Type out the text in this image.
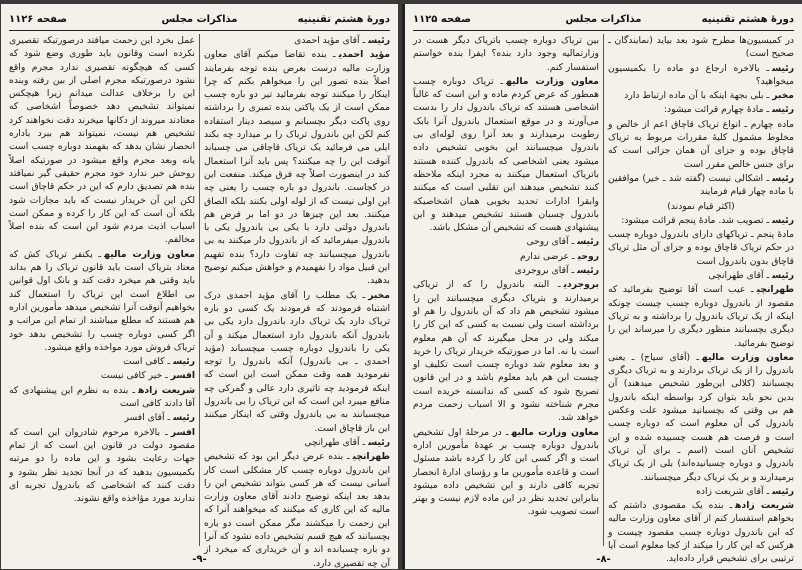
دورهٔ هشتم تقنینیه
مذاکرات مجلس
صفحه ۱۱۲۶
رئیسـ آقای مؤید احمدی
مؤید احمدیـ بنده تقاضا میکنم آقای معاون وزارت مالیه درست بعرض بنده توجه بفرمایند اصلاً بنده تصور این را میخواهم بکنم که چرا اینکار را میکنند توجه بفرمائید تیر دو باره چسب ممکن است از یک پاکتی بنده تمبری را برداشته روی پاکت دیگر بچسبانم و سیصد دینار استفاده کنم لکن این باندرول تریاک را بر میدارد چه بکند ایلی می فرمائید یک تریاک قاچاقی می چسباند آنوقت این را چه میکنند؟ پس باید آنرا استعمال کند در اینصورت اصلاً چه فرق میکند. منفعت این در کجاست. باندرول دو باره چسب را یعنی چه این اولی نیست که از لوله اولی بکنند بلکه الصاق میکنند. بعد این چیزها در دو اما بر فرض هم باندرول دولتی دارد با یکی بی باندرول یکی با باندرول میفرمائید که از باندرول دار میکنند به بی باندرول میچسبانند چه تفاوت دارد؟ بنده تفهیم این قبیل مواد را نفهمیدم و خواهش میکنم توضیح بدهید.
مخبرـ یک مطلب را آقای مؤید احمدی درک اشتباه فرمودند که فرمودند یک کسی دو باره تریاک دارد یک تریاک دارد باندرول دارد یکی بی باندرول آنکه باندرول دارد استعمال میکند و آن یکی را باندرول دوباره چسب میچسباند (مؤید احمدی ـ بی باندرول) آنکه باندرول را توجه نفرمودید همه وقت ممکن است این است که اینکه فرمودید چه تاثیری دارد عالی و گمرکی چه منافع میبرد این است که این تریاک را بی باندرول میچسبانند به بی باندرول وقتی که اینکار میکنند این باز قاچاق است.
رئیسـ آقای طهرانچی
طهرانچیـ بنده عرض دیگر این بود که تشخیص این باندرول دوباره چسب کار مشکلی است کار آسانی نیست که هر کسی بتواند تشخیص این را بدهد بعد اینکه توضیح دادند آقای معاون وزارت مالیه که این کاری که میکنند که میخواهند آنرا که این زحمت را میکشند مگر ممکن است دو باره بچسبانند که هیچ قسم تشخیص داده نشود که آنرا دو باره چسبانده اند و آن خریداری که میخرد از آن چه تقصیری دارد.
عمل بخرد این زحمت میافتد درصورتیکه تقصیری نکرده است وقانون باید طوری وضع شود که کسی که هیچگونه تقصیری ندارد مجرم واقع نشود درصورتیکه مجرم اصلی از بین رفته وبنده این را برخلاف عدالت میدانم زیرا هیچکس نمیتواند تشخیص دهد خصوصاً اشخاصی که معتادند میروند از دکانها میخرند دقت نخواهند کرد تشخیص هم نیست، نمیتواند هم ببرد باداره انحصار نشان بدهد که بفهمند دوباره چسب است یانه وبعد مجرم واقع میشود در صورتیکه اصلاً روحش خبر ندارد خود مجرم حقیقی گیر نمیافتد بنده هم تصدیق دارم که این در حکم قاچاق است لکن این آن خریدار نیست که باید مجازات شود بلکه آن است که این کار را کرده و ممکن است اسباب اذیت مردم شود این است که بنده اصلاً مخالفم.
معاون وزارت مالیهـ یکنفر تریاک کش که معتاد بتریاک است باید قانون تریاک را هم بداند باید وقتی هم میخرد دقت کند و بانک اول قوانین بی اطلاع است این تریاک را استعمال کند بخواهیم آنوقت آنرا تشخیص میدهد مأمورین اداره هم هستند که مطلع میباشند از تمام این مراتب و اگر کسی دوباره چسب را تشخیص بدهد خود تریاک فروش مورد مواخذه واقع میشود.
رئیسـ کافی است
افسرـ خیر کافی نیست
شریعت زادهـ بنده به نظرم این پیشنهادی که آقا دادند کافی است
رئیسـ آقای افسر
افسرـ بالاخره مرحوم شادروان این است که مقصود دولت در قانون این است که از تمام جهات رعایت بشود و این ماده را دو مرتبه بکمیسیون بدهید که در آنجا تجدید نظر بشود و دقت کنند که اشخاصی که باندرول تجربه ای ندارند مورد مؤاخذه واقع نشوند.
-۹-
دورهٔ هشتم تقنینیه
مذاکرات مجلس
صفحه ۱۱۲۵
در کمیسیون‌ها مطرح شود بعد بیاید (نمایندگان ـ صحیح است)
رئیسـ بالاخره ارجاع دو ماده را بکمیسیون میخواهید؟
مخبرـ بلی بجهة اینکه با آن ماده ارتباط دارد
رئیسـ مادهٔ چهارم قرائت میشود:
ماده چهارم ـ انواع تریاک قاچاق اعم از خالص و مخلوط مشمول کلیهٔ مقررات مربوط به تریاک قاچاق بوده و جزای آن همان جزائی است که برای جنس خالص مقرر است
رئیسـ اشکالی نیست (گفته شد ـ خیر) موافقین با ماده چهار قیام فرمایند
(اکثر قیام نمودند)
رئیسـ تصویب شد. مادهٔ پنجم قرائت میشود:
مادهٔ پنجم ـ تریاکهای دارای باندرول دوباره چسب در حکم تریاک قاچاق بوده و جزای آن مثل تریاک قاچاق بدون باندرول است
رئیسـ آقای طهرانچی
طهرانچیـ عیب است آقا توضیح بفرمائید که مقصود از باندرول دوباره چسب چیست چونکه اینکه از یک تریاک باندرول را برداشته و به تریاک دیگری بچسبانند منظور دیگری را میرساند این را توضیح بفرمائید.
معاون وزارت مالیهـ (آقای سیاح) ـ یعنی باندرول را از یک تریاک بردارند و به تریاک دیگری بچسبانند (کلالی این‌طور تشخیص میدهند) آن بدین نحو باید بتوان کرد بواسطه اینکه باندرول هم بی وقتی که بچسبانید میشود علت وعکس باندرول کی آن معلوم است که دوباره چسب است و فرصت هم هست چسبیده شده و این تشخیص آنان است (اسم ـ برای آن تریاک باندرول و دوباره چسبانیده‌اند) بلی از یک تریاک برمیدارند و بر یک تریاک دیگر میچسبانند.
رئیسـ آقای شریعت زاده
شریعت زادهـ بنده یک مقصودی داشتم که بخواهم استفسار کنم از آقای معاون وزارت مالیه که این باندرول دوباره چسب مقصود چیست و هرکس که این کار را میکند از کجا معلوم است آیا ترتیبی برای تشخیص قرار داده‌اید.
بین تریاک دوباره چسب باتریاک دیگر هست در وزارتمالیه وجود دارد بنده؟ ایفرا بنده خواستم استفسار کنم.
معاون وزارت مالیهـ تریاک دوباره چسب همطور که عرض کردم ماده و این است که غالباً اشخاصی هستند که تریاک باندرول دار را بدست می‌آورند و در موقع استعمال باندرول آنرا بابک رطوبت برمیدارند و بعد آنرا روی لوله‌ای بی باندرول میچسبانند این بخوبی تشخیص داده میشود یعنی اشخاصی که باندرول کننده هستند باتریاک استعمال میکنند به مجرد اینکه ملاحظه کنند تشخیص میدهند این تقلبی است که میکنند وابقرا ادارات تحدید بخوبی همان اشخاصیکه باندرول چسبان هستند تشخیص میدهند و این پیشنهادی هست که تشخیص آن مشکل باشد.
رئیسـ آقای روحی
روحیـ عرضی ندارم
رئیسـ آقای بروجردی
بروجردیـ البته باندرول را که از تریاکی برمیدارند و بتریاک دیگری میچسبانند این را میشود تشخیص هم داد که آن باندرول را هم او برداشته است ولی نسبت به کسی که این کار را میکند ولی در محل میگیرند که آن هم معلوم است یا نه. اما در صورتیکه خریدار تریاک را خرید و بعد معلوم شد دوباره چسب است تکلیف او چیست این هم باید معلوم باشد و در این قانون تصریح شود که کسی که ندانسته خریده است مجرم شناخته نشود و الا اسباب زحمت مردم خواهد شد.
معاون وزارت مالیهـ در مرحلهٔ اول تشخیص باندرول دوباره چسب بر عهدهٔ مأمورین اداره است و اگر کسی این کار را کرده باشد مسئول است و قاعده مأمورین ما و رؤسای ادارهٔ انحصار تجربه کافی دارند و این تشخیص داده میشود بنابراین تجدید نظر در این ماده لازم نیست و بهتر است تصویب شود.
-۸-
